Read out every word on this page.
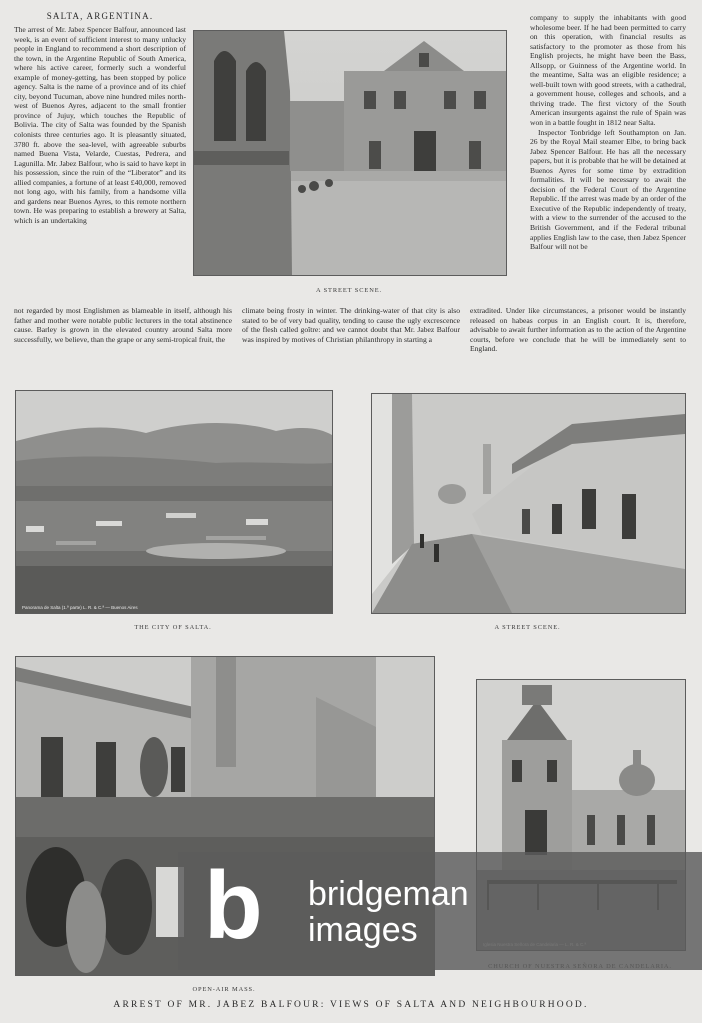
SALTA, ARGENTINA.

The arrest of Mr. Jabez Spencer Balfour, announced last week, is an event of sufficient interest to many unlucky people in England to recommend a short description of the town, in the Argentine Republic of South America, where his active career, formerly such a wonderful example of money-getting, has been stopped by police agency. Salta is the name of a province and of its chief city, beyond Tucuman, above nine hundred miles north-west of Buenos Ayres, adjacent to the small frontier province of Jujuy, which touches the Republic of Bolivia. The city of Salta was founded by the Spanish colonists three centuries ago. It is pleasantly situated, 3780 ft. above the sea-level, with agreeable suburbs named Buena Vista, Velarde, Cuestas, Pedrera, and Lagunilla. Mr. Jabez Balfour, who is said to have kept in his possession, since the ruin of the “Liberator” and its allied companies, a fortune of at least £40,000, removed not long ago, with his family, from a handsome villa and gardens near Buenos Ayres, to this remote northern town. He was preparing to establish a brewery at Salta, which is an undertaking

A STREET SCENE.

company to supply the inhabitants with good wholesome beer. If he had been permitted to carry on this operation, with financial results as satisfactory to the promoter as those from his English projects, he might have been the Bass, Allsopp, or Guinness of the Argentine world. In the meantime, Salta was an eligible residence; a well-built town with good streets, with a cathedral, a government house, colleges and schools, and a thriving trade. The first victory of the South American insurgents against the rule of Spain was won in a battle fought in 1812 near Salta.

Inspector Tonbridge left Southampton on Jan. 26 by the Royal Mail steamer Elbe, to bring back Jabez Spencer Balfour. He has all the necessary papers, but it is probable that he will be detained at Buenos Ayres for some time by extradition formalities. It will be necessary to await the decision of the Federal Court of the Argentine Republic. If the arrest was made by an order of the Executive of the Republic independently of treaty, with a view to the surrender of the accused to the British Government, and if the Federal tribunal applies English law to the case, then Jabez Spencer Balfour will not be

not regarded by most Englishmen as blameable in itself, although his father and mother were notable public lecturers in the total abstinence cause. Barley is grown in the elevated country around Salta more successfully, we believe, than the grape or any semi-tropical fruit, the

climate being frosty in winter. The drinking-water of that city is also stated to be of very bad quality, tending to cause the ugly excrescence of the flesh called goître: and we cannot doubt that Mr. Jabez Balfour was inspired by motives of Christian philanthropy in starting a

extradited. Under like circumstances, a prisoner would be instantly released on habeas corpus in an English court. It is, therefore, advisable to await further information as to the action of the Argentine courts, before we conclude that he will be immediately sent to England.

Panorama de Salta (1.ª parte) L. R. & C.ª — Buenos Aires
THE CITY OF SALTA.	A STREET SCENE.
OPEN-AIR MASS.
b bridgeman
images
ARREST OF MR. JABEZ BALFOUR: VIEWS OF SALTA AND NEIGHBOURHOOD.
